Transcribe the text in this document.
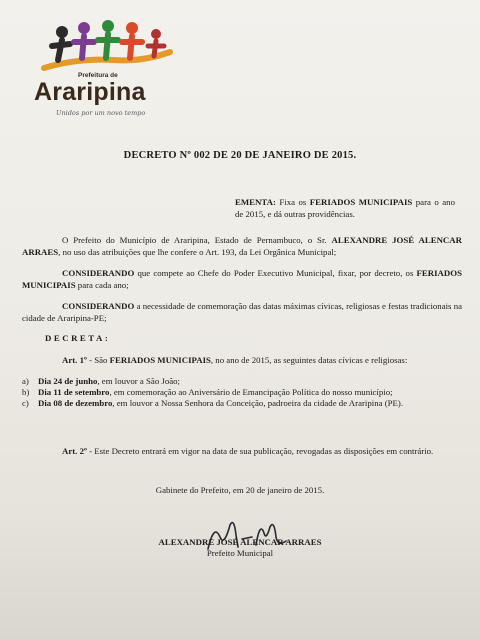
Prefeitura de
Araripina
Unidos por um novo tempo
DECRETO Nº 002 DE 20 DE JANEIRO DE 2015.
EMENTA: Fixa os FERIADOS MUNICIPAIS para o ano de 2015, e dá outras providências.
O Prefeito do Município de Araripina, Estado de Pernambuco, o Sr. ALEXANDRE JOSÉ ALENCAR ARRAES, no uso das atribuições que lhe confere o Art. 193, da Lei Orgânica Municipal;
CONSIDERANDO que compete ao Chefe do Poder Executivo Municipal, fixar, por decreto, os FERIADOS MUNICIPAIS para cada ano;
CONSIDERANDO a necessidade de comemoração das datas máximas cívicas, religiosas e festas tradicionais na cidade de Araripina-PE;
DECRETA:
Art. 1º - São FERIADOS MUNICIPAIS, no ano de 2015, as seguintes datas cívicas e religiosas:
a)	Dia 24 de junho, em louvor a São João;
b) Dia 11 de setembro, em comemoração ao Aniversário de Emancipação Política do nosso município;
c)	Dia 08 de dezembro, em louvor a Nossa Senhora da Conceição, padroeira da cidade de Araripina (PE).
Art. 2º - Este Decreto entrará em vigor na data de sua publicação, revogadas as disposições em contrário.
Gabinete do Prefeito, em 20 de janeiro de 2015.
ALEXANDRE JOSÉ ALENCAR ARRAES
Prefeito Municipal
